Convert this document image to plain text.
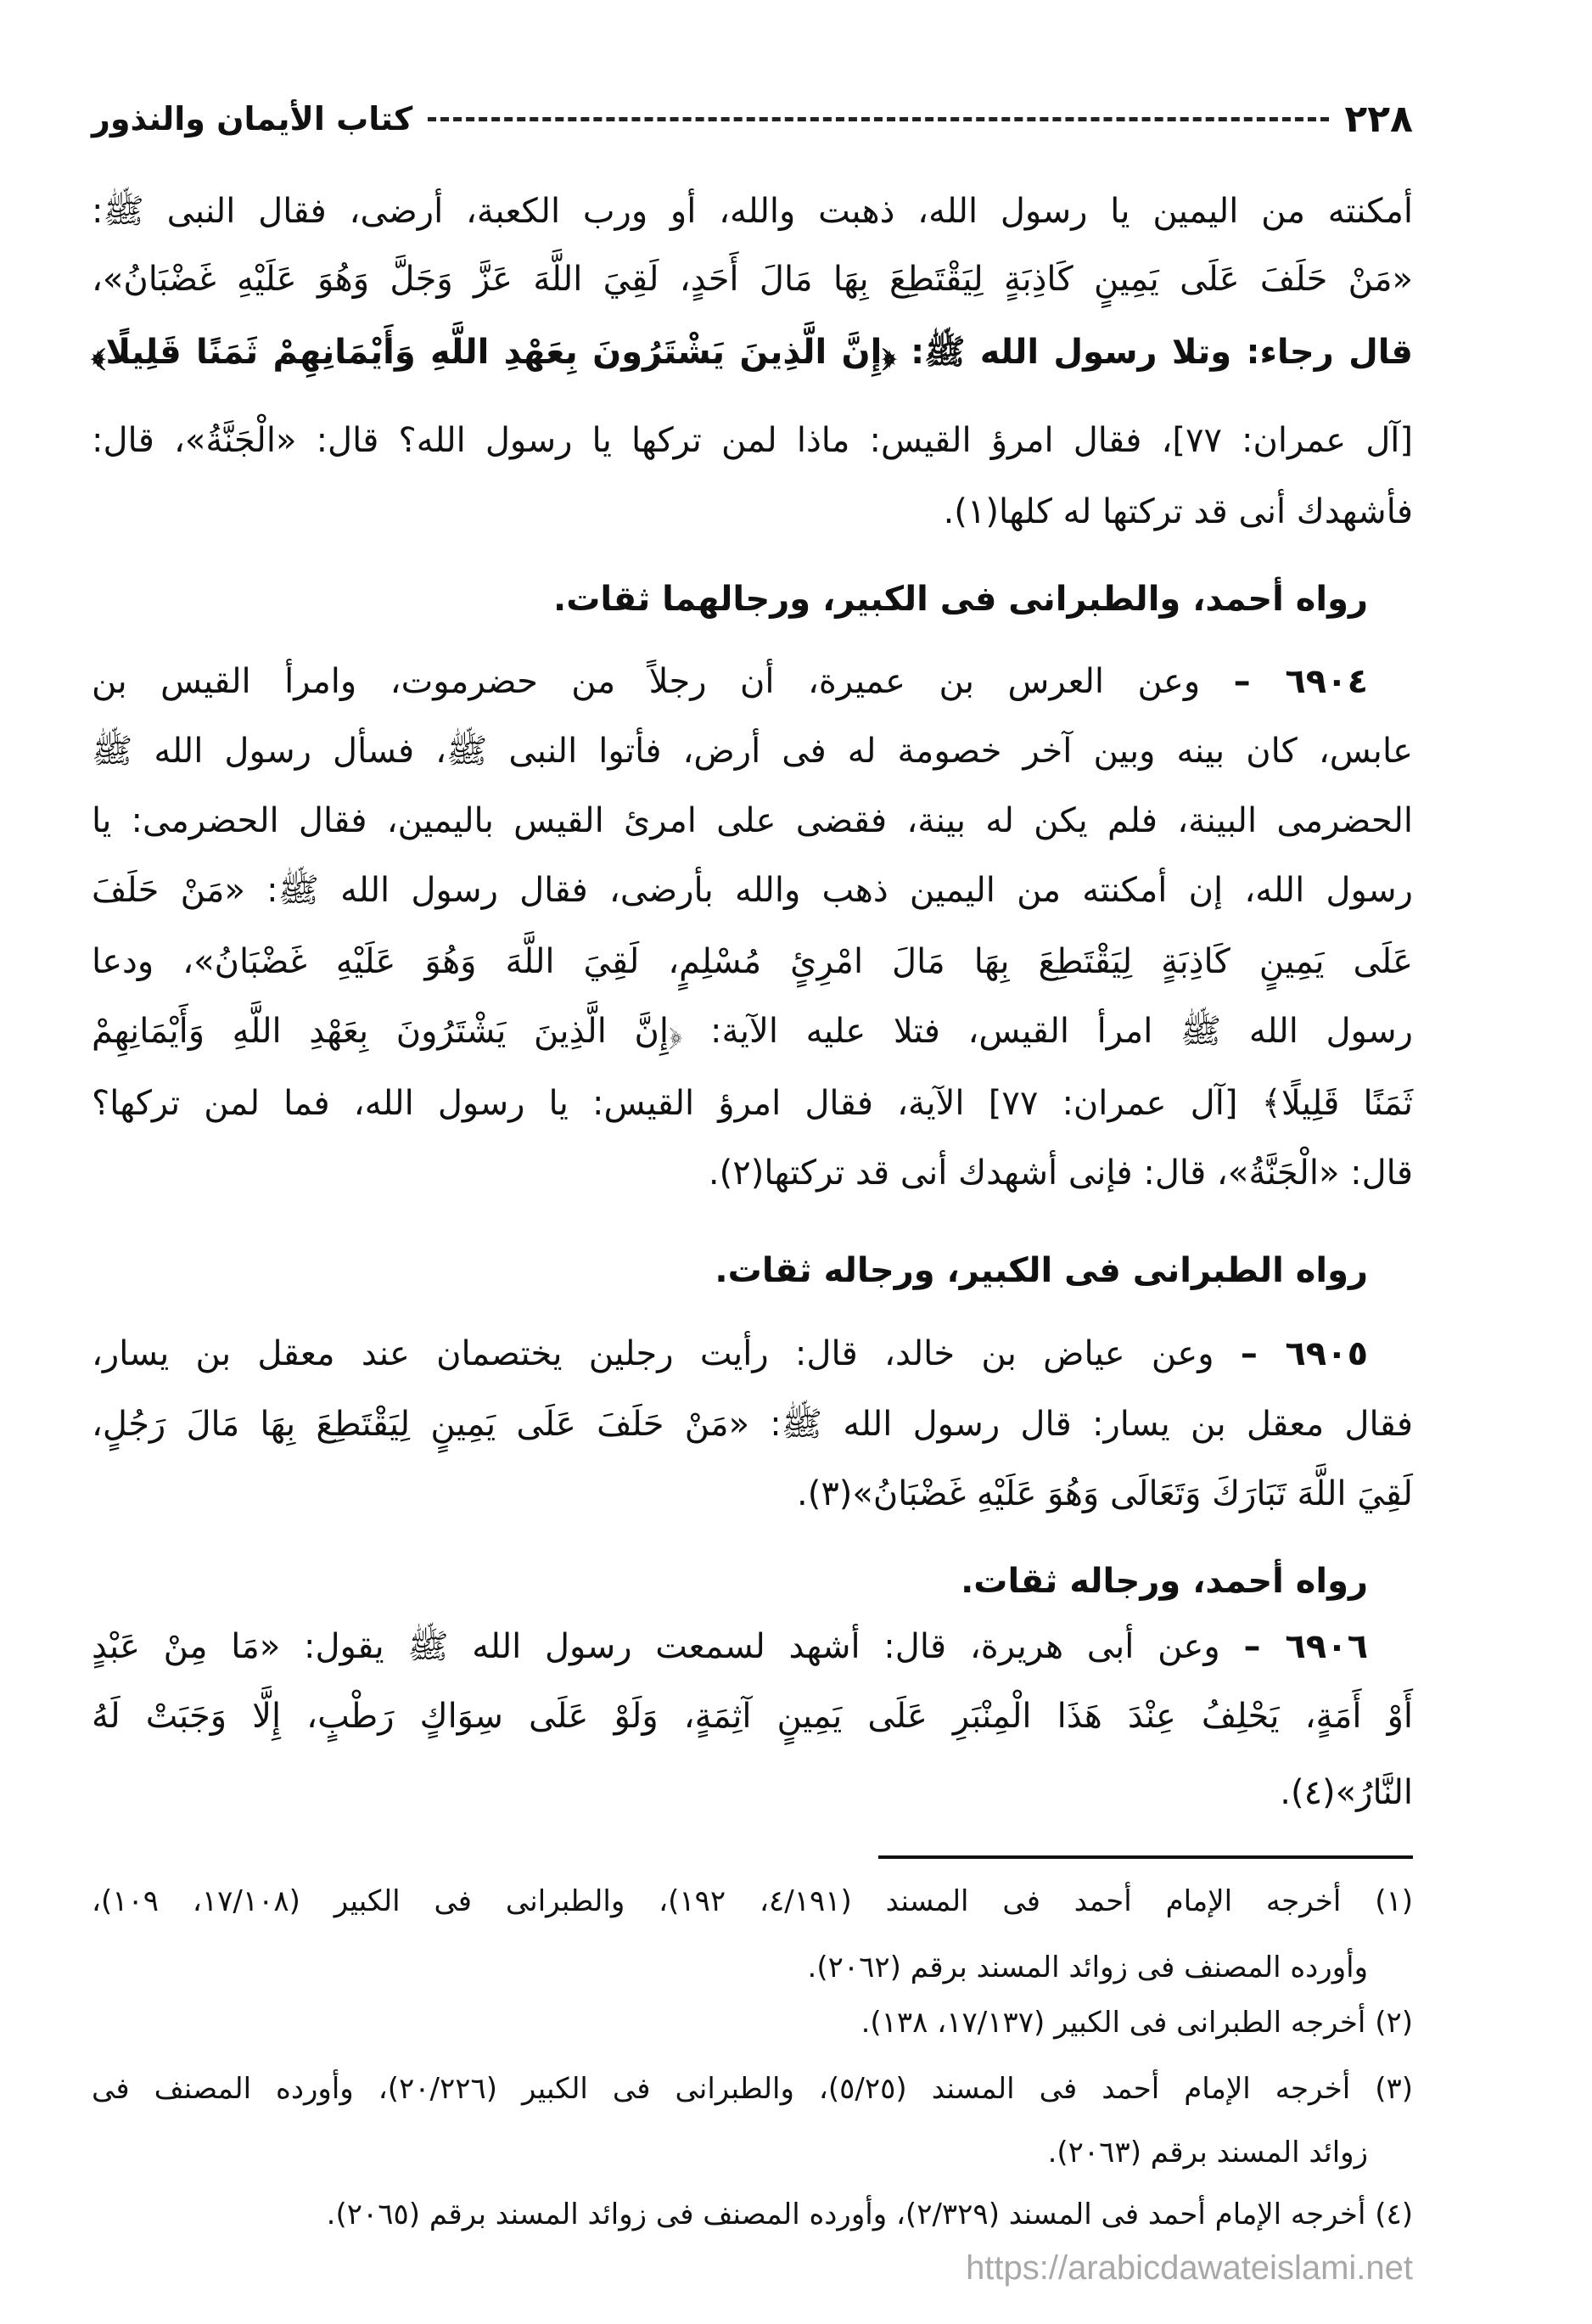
٢٢٨
كتاب الأيمان والنذور
أمكنته من اليمين يا رسول الله، ذهبت والله، أو ورب الكعبة، أرضى، فقال النبى ﷺ:
«مَنْ حَلَفَ عَلَى يَمِينٍ كَاذِبَةٍ لِيَقْتَطِعَ بِهَا مَالَ أَحَدٍ، لَقِيَ اللَّهَ عَزَّ وَجَلَّ وَهُوَ عَلَيْهِ غَضْبَانُ»،
قال رجاء: وتلا رسول الله ﷺ: ﴿إِنَّ الَّذِينَ يَشْتَرُونَ بِعَهْدِ اللَّهِ وَأَيْمَانِهِمْ ثَمَنًا قَلِيلًا﴾
[آل عمران: ٧٧]، فقال امرؤ القيس: ماذا لمن تركها يا رسول الله؟ قال: «الْجَنَّةُ»، قال:
فأشهدك أنى قد تركتها له كلها(١).
رواه أحمد، والطبرانى فى الكبير، ورجالهما ثقات.
٦٩٠٤ – وعن العرس بن عميرة، أن رجلاً من حضرموت، وامرأ القيس بن
عابس، كان بينه وبين آخر خصومة له فى أرض، فأتوا النبى ﷺ، فسأل رسول الله ﷺ
الحضرمى البينة، فلم يكن له بينة، فقضى على امرئ القيس باليمين، فقال الحضرمى: يا
رسول الله، إن أمكنته من اليمين ذهب والله بأرضى، فقال رسول الله ﷺ: «مَنْ حَلَفَ
عَلَى يَمِينٍ كَاذِبَةٍ لِيَقْتَطِعَ بِهَا مَالَ امْرِئٍ مُسْلِمٍ، لَقِيَ اللَّهَ وَهُوَ عَلَيْهِ غَضْبَانُ»، ودعا
رسول الله ﷺ امرأ القيس، فتلا عليه الآية: ﴿إِنَّ الَّذِينَ يَشْتَرُونَ بِعَهْدِ اللَّهِ وَأَيْمَانِهِمْ
ثَمَنًا قَلِيلًا﴾ [آل عمران: ٧٧] الآية، فقال امرؤ القيس: يا رسول الله، فما لمن تركها؟
قال: «الْجَنَّةُ»، قال: فإنى أشهدك أنى قد تركتها(٢).
رواه الطبرانى فى الكبير، ورجاله ثقات.
٦٩٠٥ – وعن عياض بن خالد، قال: رأيت رجلين يختصمان عند معقل بن يسار،
فقال معقل بن يسار: قال رسول الله ﷺ: «مَنْ حَلَفَ عَلَى يَمِينٍ لِيَقْتَطِعَ بِهَا مَالَ رَجُلٍ،
لَقِيَ اللَّهَ تَبَارَكَ وَتَعَالَى وَهُوَ عَلَيْهِ غَضْبَانُ»(٣).
رواه أحمد، ورجاله ثقات.
٦٩٠٦ – وعن أبى هريرة، قال: أشهد لسمعت رسول الله ﷺ يقول: «مَا مِنْ عَبْدٍ
أَوْ أَمَةٍ، يَحْلِفُ عِنْدَ هَذَا الْمِنْبَرِ عَلَى يَمِينٍ آثِمَةٍ، وَلَوْ عَلَى سِوَاكٍ رَطْبٍ، إِلَّا وَجَبَتْ لَهُ
النَّارُ»(٤).
(١) أخرجه الإمام أحمد فى المسند (٤/١٩١، ١٩٢)، والطبرانى فى الكبير (١٧/١٠٨، ١٠٩)،
وأورده المصنف فى زوائد المسند برقم (٢٠٦٢).
(٢) أخرجه الطبرانى فى الكبير (١٧/١٣٧، ١٣٨).
(٣) أخرجه الإمام أحمد فى المسند (٥/٢٥)، والطبرانى فى الكبير (٢٠/٢٢٦)، وأورده المصنف فى
زوائد المسند برقم (٢٠٦٣).
(٤) أخرجه الإمام أحمد فى المسند (٢/٣٢٩)، وأورده المصنف فى زوائد المسند برقم (٢٠٦٥).
https://arabicdawateislami.net
